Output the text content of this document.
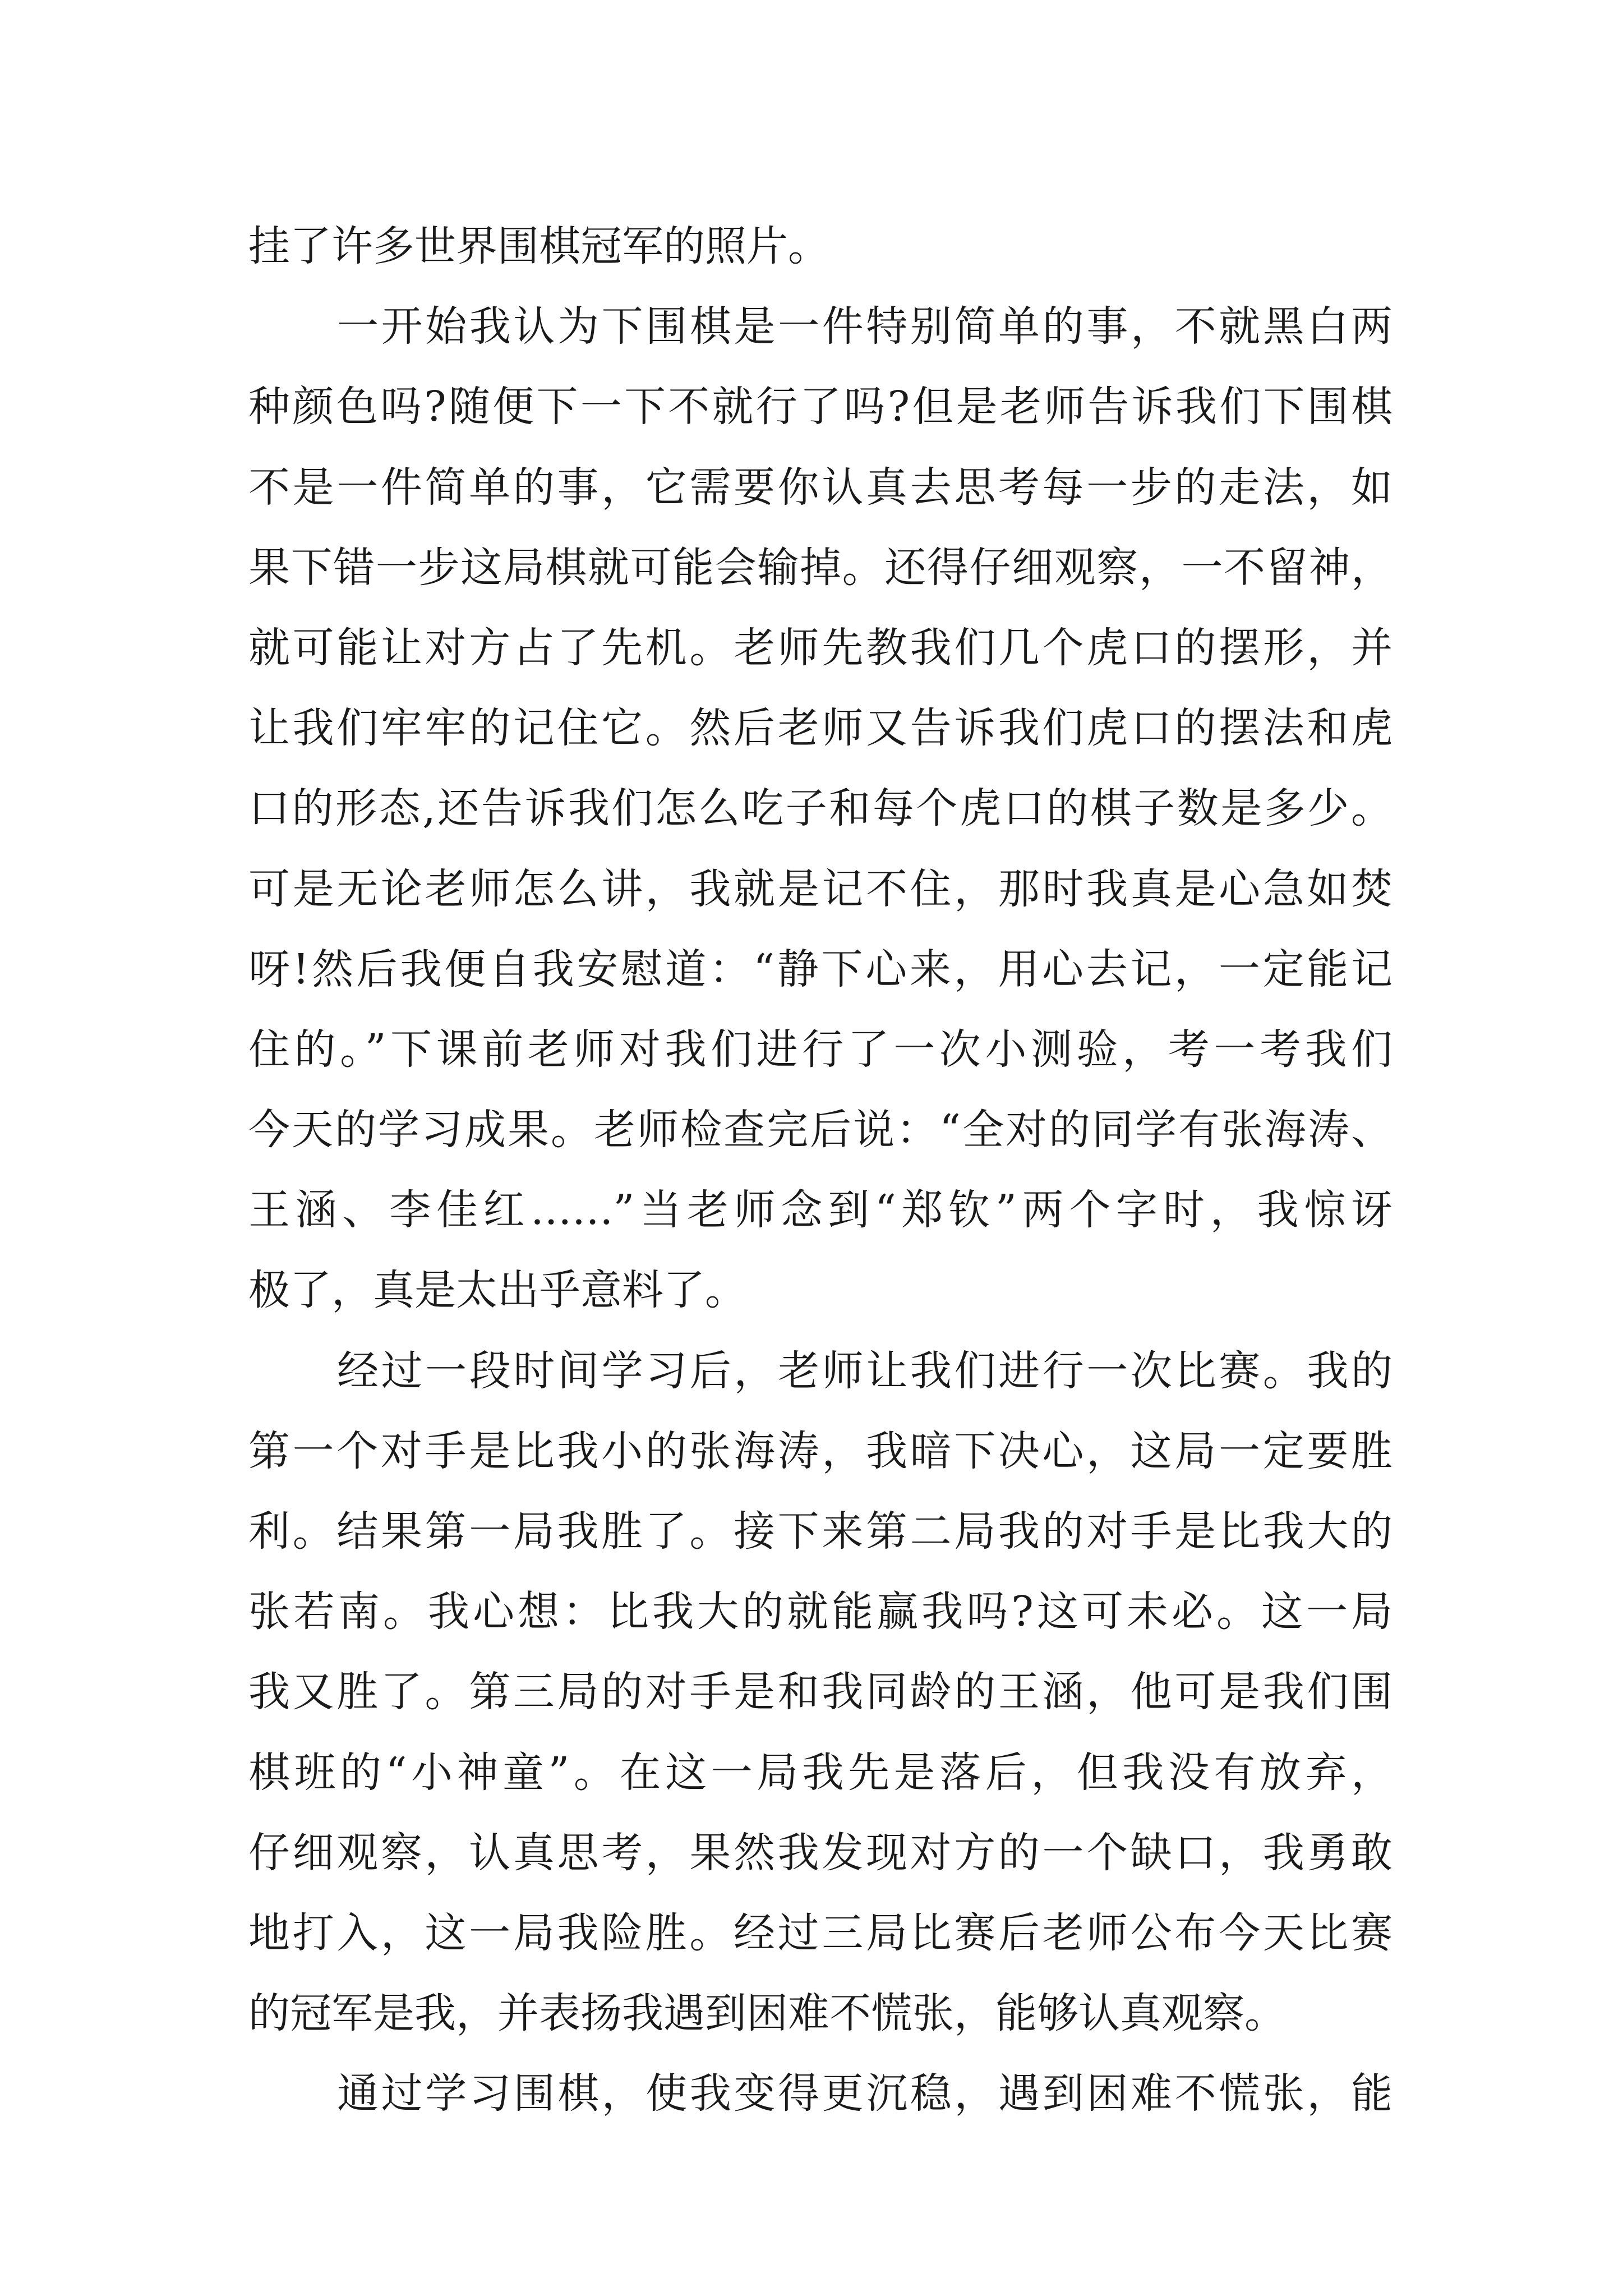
挂了许多世界围棋冠军的照片。
一开始我认为下围棋是一件特别简单的事，不就黑白两
种颜色吗?随便下一下不就行了吗?但是老师告诉我们下围棋
不是一件简单的事，它需要你认真去思考每一步的走法，如
果下错一步这局棋就可能会输掉。还得仔细观察，一不留神，
就可能让对方占了先机。老师先教我们几个虎口的摆形，并
让我们牢牢的记住它。然后老师又告诉我们虎口的摆法和虎
口的形态,还告诉我们怎么吃子和每个虎口的棋子数是多少。
可是无论老师怎么讲，我就是记不住，那时我真是心急如焚
呀!然后我便自我安慰道：“静下心来，用心去记，一定能记
住的。”下课前老师对我们进行了一次小测验，考一考我们
今天的学习成果。老师检查完后说：“全对的同学有张海涛、
王涵、李佳红……”当老师念到“郑钦”两个字时，我惊讶
极了，真是太出乎意料了。
经过一段时间学习后，老师让我们进行一次比赛。我的
第一个对手是比我小的张海涛，我暗下决心，这局一定要胜
利。结果第一局我胜了。接下来第二局我的对手是比我大的
张若南。我心想：比我大的就能赢我吗?这可未必。这一局
我又胜了。第三局的对手是和我同龄的王涵，他可是我们围
棋班的“小神童”。在这一局我先是落后，但我没有放弃，
仔细观察，认真思考，果然我发现对方的一个缺口，我勇敢
地打入，这一局我险胜。经过三局比赛后老师公布今天比赛
的冠军是我，并表扬我遇到困难不慌张，能够认真观察。
通过学习围棋，使我变得更沉稳，遇到困难不慌张，能
